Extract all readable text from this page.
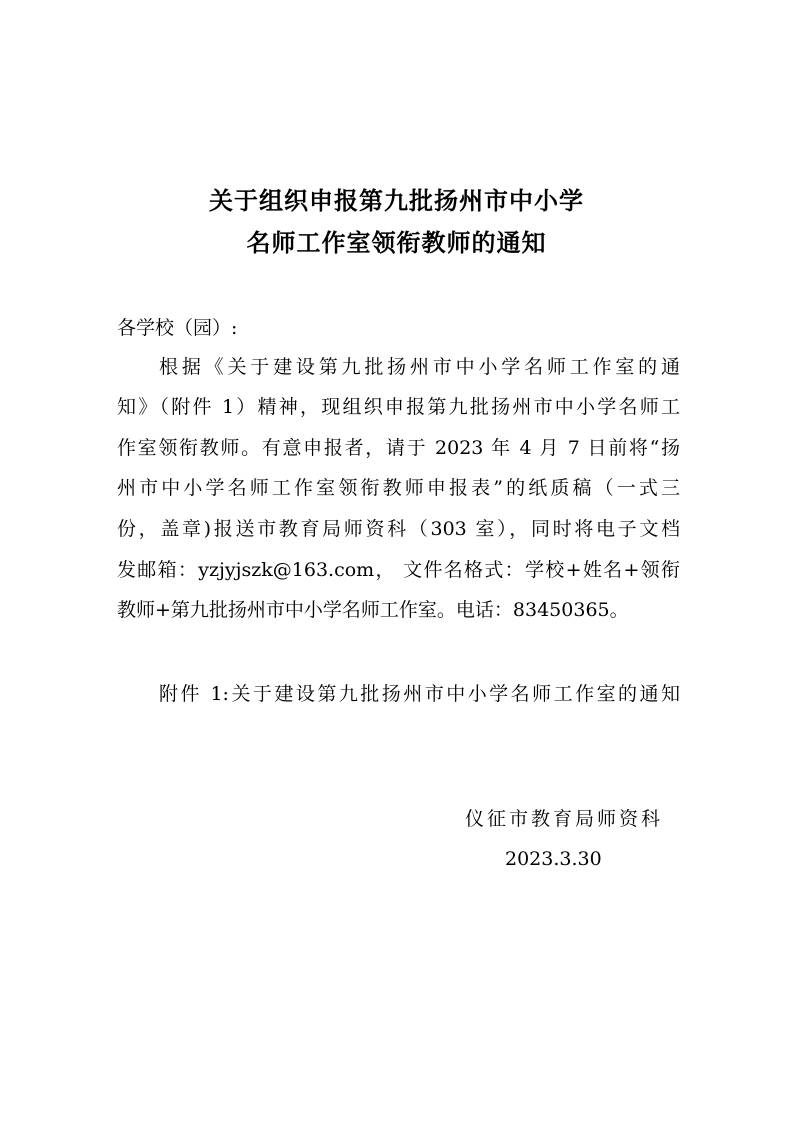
关于组织申报第九批扬州市中小学
名师工作室领衔教师的通知
各学校（园）:
根据《关于建设第九批扬州市中小学名师工作室的通
知》（附件 1）精神，现组织申报第九批扬州市中小学名师工
作室领衔教师。有意申报者，请于 2023 年 4 月 7 日前将“扬
州市中小学名师工作室领衔教师申报表”的纸质稿（一式三
份，盖章)报送市教育局师资科（303 室），同时将电子文档
发邮箱：yzjyjszk@163.com， 文件名格式：学校+姓名+领衔
教师+第九批扬州市中小学名师工作室。电话：83450365。
附件 1:关于建设第九批扬州市中小学名师工作室的通知
仪征市教育局师资科
2023.3.30
